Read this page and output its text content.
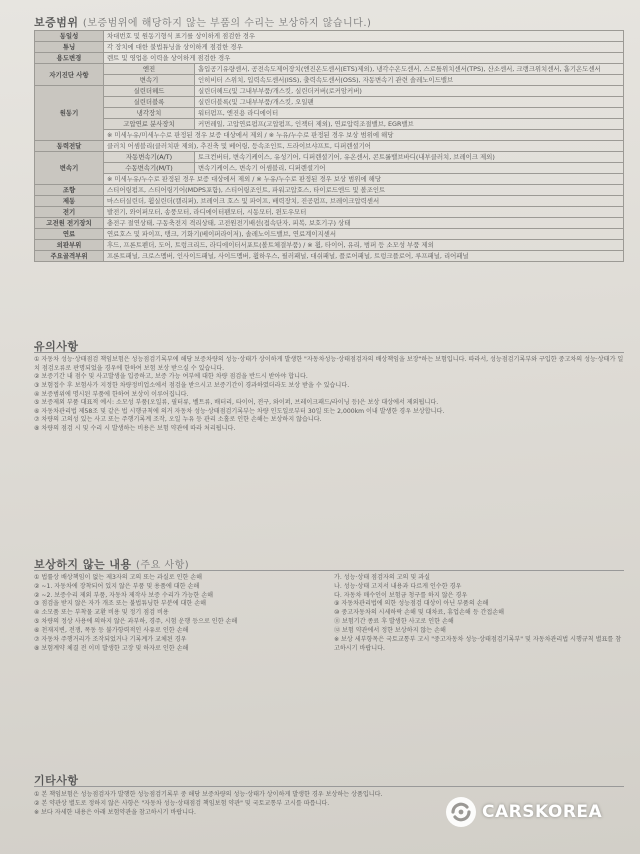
보증범위 (보증범위에 해당하지 않는 부품의 수리는 보상하지 않습니다.)
동일성	차대번호 및 원동기형식 표기를 상이하게 점검한 경우	
튜닝	각 장치에 대한 불법튜닝을 상이하게 점검한 경우	
용도변경	렌트 및 영업용 이력을 상이하게 점검한 경우	
자기진단 사항	엔진	흡입공기유량센서, 공전속도제어장치(엔진온도센서(ETS)제외), 냉각수온도센서, 스로틀위치센서(TPS), 산소센서, 크랭크위치센서, 흡기온도센서
	변속기	인히비터 스위치, 입력속도센서(ISS), 출력속도센서(OSS), 자동변속기 관련 솔레노이드밸브
원동기	실린더헤드	실린더헤드(및 그내부부품/개스킷, 실린더커버(로커암커버)
	실린더블록	실린더블록(및 그내부부품/개스킷, 오일팬
	냉각장치	워터펌프, 엔진용 라디에이터
	고압연료 분사장치	커먼레일, 고압연료펌프(고압펌프, 인젝터 제외), 연료압력조절밸브, EGR밸브
	※ 미세누유/미세누수로 판정된 경우 보증 대상에서 제외 / ※ 누유/누수로 판정된 경우 보상 범위에 해당	
동력전달	클러치 어셈블리(클러치판 제외), 추진축 및 베어링, 등속조인트, 드라이브샤프트, 디퍼렌셜기어	
변속기	자동변속기(A/T)	토크컨버터, 변속기케이스, 유성기어, 디퍼렌셜기어, 유온센서, 콘트롤밸브바디(내부클러치, 브레이크 제외)
	수동변속기(M/T)	변속기케이스, 변속기 어셈블리, 디퍼렌셜기어
	※ 미세누유/누수로 판정된 경우 보증 대상에서 제외 / ※ 누유/누수로 판정된 경우 보상 범위에 해당	
조향	스티어링펌프, 스티어링기어(MDPS포함), 스티어링조인트, 파워고압호스, 타이로드엔드 및 볼조인트	
제동	마스터실린더, 휠실린더(캘리퍼), 브레이크 호스 및 파이프, 배력장치, 진공펌프, 브레이크압력센서	
전기	발전기, 와이퍼모터, 송풍모터, 라디에이터팬모터, 시동모터, 윈도우모터	
고전원 전기장치	충전구 절연상태, 구동축전지 격리상태, 고전원전기배선(접속단자, 피복, 보호기구) 상태	
연료	연료호스 및 파이프, 탱크, 기화기(베이퍼라이저), 솔레노이드밸브, 연료계이지센서	
외판부위	후드, 프론트펜더, 도어, 트렁크리드, 라디에이터서포트(볼트체결부품) / ※ 휠, 타이어, 유리, 범퍼 등 소모성 부품 제외	
주요골격부위	프론트패널, 크로스멤버, 인사이드패널, 사이드멤버, 휠하우스, 필러패널, 대쉬패널, 플로어패널, 트렁크플로어, 루프패널, 리어패널	
유의사항

① 자동차 성능·상태점검 책임보험은 성능점검기록부에 해당 보증차량의 성능·상태가 상이하게 발생한 "자동차성능·상태점검자의 배상책임을 보장"하는 보험입니다. 따라서, 성능점검기록부와 구입한 중고차의 성능·상태가 일치 점검오류로 판명되었을 경우에 한하여 보험 보상 받으실 수 있습니다.

② 보증기간 내 점수 및 사고발생을 입증하고, 보증 가능 여부에 대한 차량 점검을 반드시 받아야 합니다.

③ 보험접수 후 보험사가 지정한 차량정비업소에서 점검을 받으시고 보증기간이 경과하였더라도 보상 받을 수 있습니다.

④ 보증범위에 명시된 부품에 한하여 보상이 이루어집니다.

⑤ 보증제외 부품 대표적 예시: 소모성 부품(오일류, 필터류, 벨트류, 배터리, 타이어, 전구, 와이퍼, 브레이크패드/라이닝 등)은 보상 대상에서 제외됩니다.

⑥ 자동차관리법 제58조 및 같은 법 시행규칙에 의거 자동차 성능·상태점검기록부는 차량 인도일로부터 30일 또는 2,000km 이내 발생한 경우 보상합니다.

⑦ 차량의 고의성 있는 사고 또는 주행기록계 조작, 오일 누유 등 관리 소홀로 인한 손해는 보상하지 않습니다.

⑧ 차량의 점검 시 및 수리 시 발생하는 비용은 보험 약관에 따라 처리됩니다.

보상하지 않는 내용 (주요 사항)

① 법률상 배상책임이 없는 제3자의 고의 또는 과실로 인한 손해

② ~1. 자동차에 장착되어 있지 않은 부품 및 용품에 대한 손해

② ~2. 보증수리 제외 부품, 자동차 제작사 보증 수리가 가능한 손해

③ 점검을 받지 않은 자가 개조 또는 불법튜닝한 부분에 대한 손해

④ 소모품 또는 부착물 교환 비용 및 정기 점검 비용

⑤ 차량의 정상 사용에 의하지 않은 과부하, 경주, 시험 운행 등으로 인한 손해

⑥ 천재지변, 전쟁, 폭동 등 불가항력적인 사유로 인한 손해

⑦ 자동차 주행거리가 조작되었거나 기록계가 교체된 경우

⑧ 보험계약 체결 전 이미 발생한 고장 및 하자로 인한 손해

가. 성능·상태 점검자의 고의 및 과실

나. 성능·상태 고지서 내용과 다르게 인수한 경우

다. 자동차 매수인이 보험금 청구를 하지 않은 경우

⑨ 자동차관리법에 의한 성능점검 대상이 아닌 부품의 손해

⑩ 중고자동차의 시세하락 손해 및 대차료, 휴업손해 등 간접손해

⑪ 보험기간 종료 후 발생한 사고로 인한 손해

⑫ 보험 약관에서 정한 보상하지 않는 손해

※ 보상 세부항목은 국토교통부 고시 "중고자동차 성능·상태점검기록부" 및 자동차관리법 시행규칙 별표를 참고하시기 바랍니다.

기타사항

① 본 책임보험은 성능점검자가 발행한 성능점검기록부 중 해당 보증차량의 성능·상태가 상이하게 발생한 경우 보상하는 상품입니다.

② 본 약관상 별도로 정하지 않은 사항은 "자동차 성능·상태점검 책임보험 약관" 및 국토교통부 고시를 따릅니다.

※ 보다 자세한 내용은 아래 보험약관을 참고하시기 바랍니다.	CARSKOREA
